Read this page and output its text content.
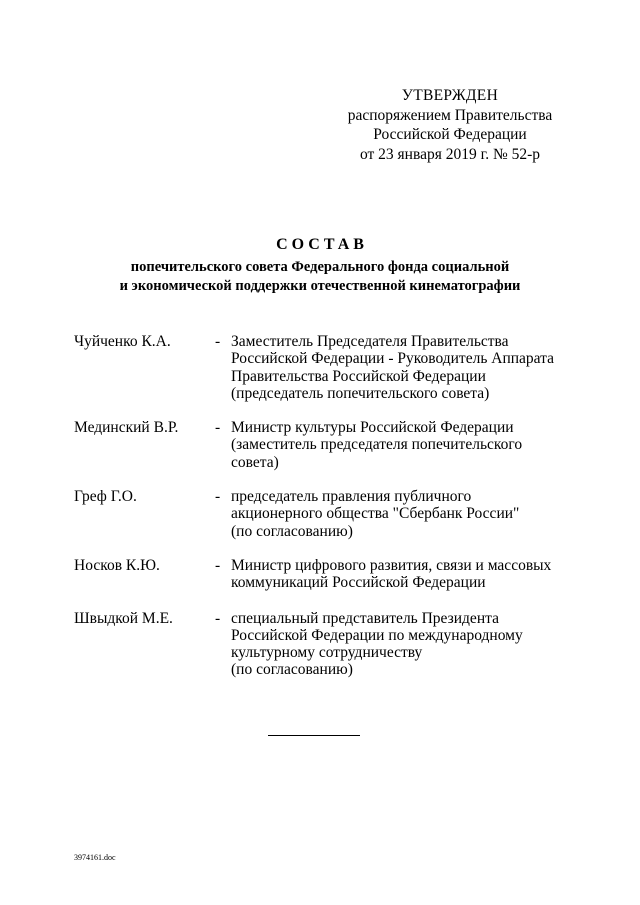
УТВЕРЖДЕН
распоряжением Правительства
Российской Федерации
от 23 января 2019 г. № 52-р
СОСТАВ
попечительского совета Федерального фонда социальной
и экономической поддержки отечественной кинематографии
Чуйченко К.А.	- Заместитель Председателя Правительства
Российской Федерации - Руководитель Аппарата
Правительства Российской Федерации
(председатель попечительского совета)
Мединский В.Р.	- Министр культуры Российской Федерации
(заместитель председателя попечительского
совета)
Греф Г.О.	- председатель правления публичного
акционерного общества "Сбербанк России"
(по согласованию)
Носков К.Ю.	- Министр цифрового развития, связи и массовых
коммуникаций Российской Федерации
Швыдкой М.Е.	- специальный представитель Президента
Российской Федерации по международному
культурному сотрудничеству
(по согласованию)
3974161.doc
